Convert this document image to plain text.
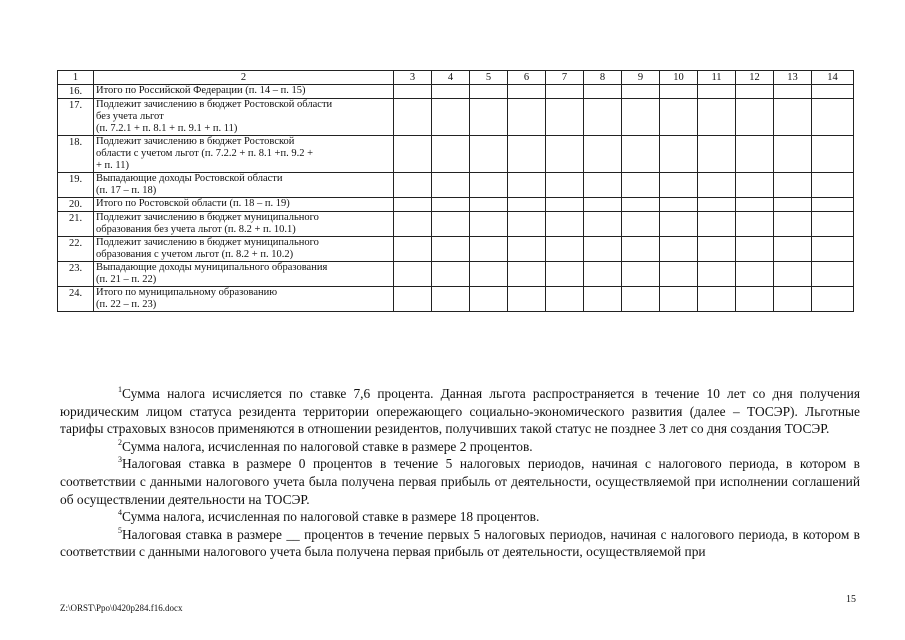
1	2	3	4	5	6	7	8	9	10	11	12	13	14
16.	Итого по Российской Федерации (п. 14 – п. 15)												

17.	Подлежит зачислению в бюджет Ростовской области
без учета льгот
(п. 7.2.1 + п. 8.1 + п. 9.1 + п. 11)												

18.	Подлежит зачислению в бюджет Ростовской
области с учетом льгот (п. 7.2.2 + п. 8.1 +п. 9.2 +
+ п. 11)												

19.	Выпадающие доходы Ростовской области
(п. 17 – п. 18)												

20.	Итого по Ростовской области (п. 18 – п. 19)												

21.	Подлежит зачислению в бюджет муниципального
образования без учета льгот (п. 8.2 + п. 10.1)												

22.	Подлежит зачислению в бюджет муниципального
образования с учетом льгот (п. 8.2 + п. 10.2)												

23.	Выпадающие доходы муниципального образования
(п. 21 – п. 22)												

24.	Итого по муниципальному образованию
(п. 22 – п. 23)												

$^1$Сумма налога исчисляется по ставке 7,6 процента. Данная льгота распространяется в течение 10 лет со дня получения юридическим лицом статуса резидента территории опережающего социально-экономического развития (далее – ТОСЭР). Льготные тарифы страховых взносов применяются в отношении резидентов, получивших такой статус не позднее 3 лет со дня создания ТОСЭР.

$^2$Сумма налога, исчисленная по налоговой ставке в размере 2 процентов.

$^3$Налоговая ставка в размере 0 процентов в течение 5 налоговых периодов, начиная с налогового периода, в котором в соответствии с данными налогового учета была получена первая прибыль от деятельности, осуществляемой при исполнении соглашений об осуществлении деятельности на ТОСЭР.

$^4$Сумма налога, исчисленная по налоговой ставке в размере 18 процентов.

$^5$Налоговая ставка в размере __ процентов в течение первых 5 налоговых периодов, начиная с налогового периода, в котором в соответствии с данными налогового учета была получена первая прибыль от деятельности, осуществляемой при

15
Z:\ORST\Ppo\0420p284.f16.docx
